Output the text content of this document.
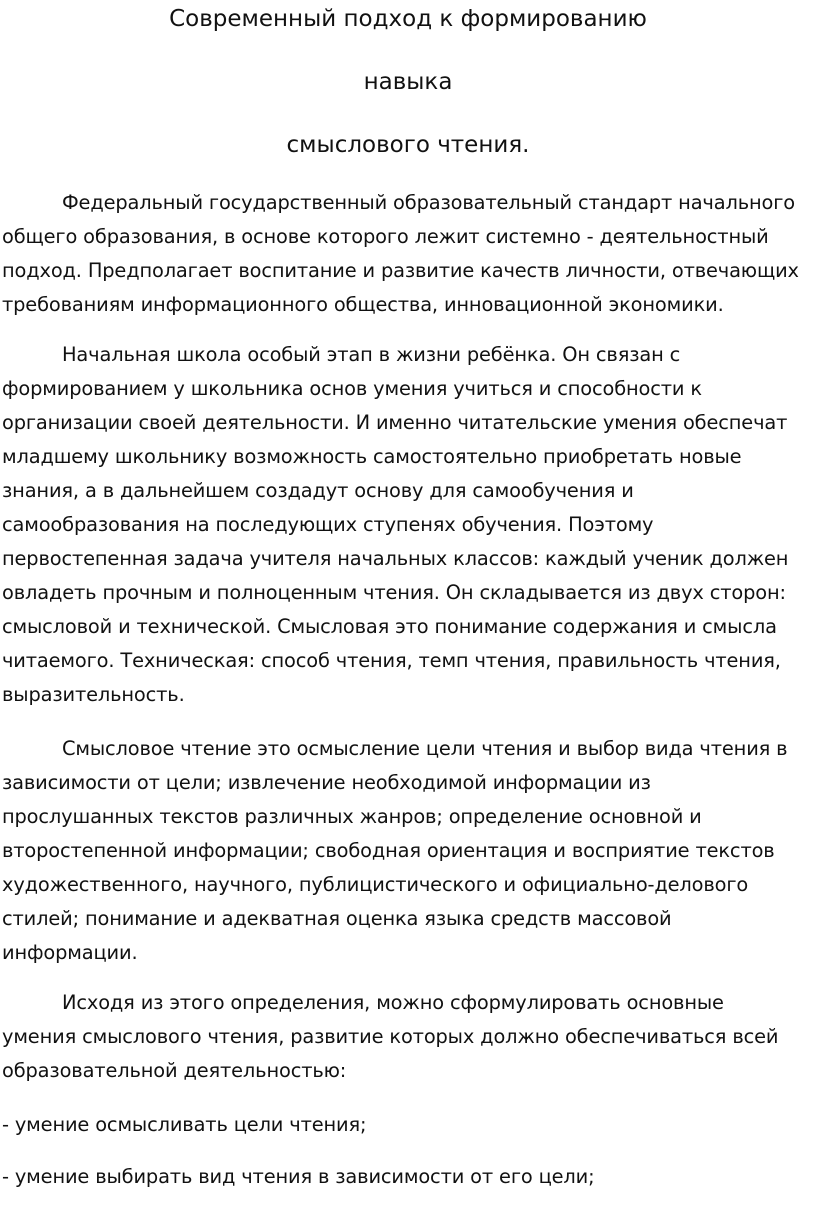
Современный подход к формированию
навыка
смыслового чтения.
Федеральный государственный образовательный стандарт начального
общего образования, в основе которого лежит системно - деятельностный
подход. Предполагает воспитание и развитие качеств личности, отвечающих
требованиям информационного общества, инновационной экономики.
Начальная школа особый этап в жизни ребёнка. Он связан с
формированием у школьника основ умения учиться и способности к
организации своей деятельности. И именно читательские умения обеспечат
младшему школьнику возможность самостоятельно приобретать новые
знания, а в дальнейшем создадут основу для самообучения и
самообразования на последующих ступенях обучения. Поэтому
первостепенная задача учителя начальных классов: каждый ученик должен
овладеть прочным и полноценным чтения. Он складывается из двух сторон:
смысловой и технической. Смысловая это понимание содержания и смысла
читаемого. Техническая: способ чтения, темп чтения, правильность чтения,
выразительность.
Смысловое чтение это осмысление цели чтения и выбор вида чтения в
зависимости от цели; извлечение необходимой информации из
прослушанных текстов различных жанров; определение основной и
второстепенной информации; свободная ориентация и восприятие текстов
художественного, научного, публицистического и официально-делового
стилей; понимание и адекватная оценка языка средств массовой
информации.
Исходя из этого определения, можно сформулировать основные
умения смыслового чтения, развитие которых должно обеспечиваться всей
образовательной деятельностью:
- умение осмысливать цели чтения;
- умение выбирать вид чтения в зависимости от его цели;
